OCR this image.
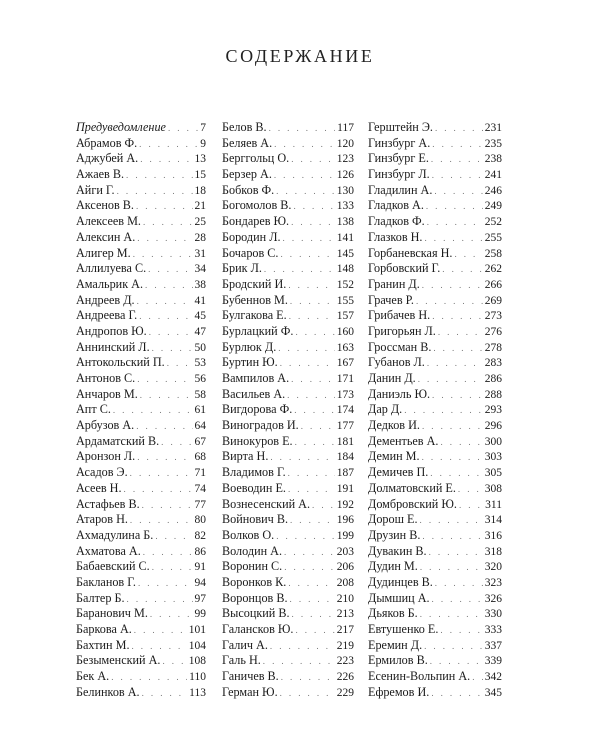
СОДЕРЖАНИЕ
Предуведомление . . .	7
Абрамов Ф. . . .	9
Аджубей А. . . .	13
Ажаев В. . . .	15
Айги Г. . . .	18
Аксенов В. . . .	21
Алексеев М. . . .	25
Алексин А. . . .	28
Алигер М. . . .	31
Аллилуева С. . . .	34
Амальрик А. . . .	38
Андреев Д. . . .	41
Андреева Г. . . .	45
Андропов Ю. . . .	47
Аннинский Л. . . .	50
Антокольский П. . . .	53
Антонов С. . . .	56
Анчаров М. . . .	58
Апт С. . . .	61
Арбузов А. . . .	64
Ардаматский В. . . .	67
Аронзон Л. . . .	68
Асадов Э. . . .	71
Асеев Н. . . .	74
Астафьев В. . . .	77
Атаров Н. . . .	80
Ахмадулина Б. . . .	82
Ахматова А. . . .	86
Бабаевский С. . . .	91
Бакланов Г. . . .	94
Балтер Б. . . .	97
Баранович М. . . .	99
Баркова А. . . .	101
Бахтин М. . . .	104
Безыменский А. . . . 108
Бек А. . . .	110
Белинков А. . . .	113
Белов В. . . .	117
Беляев А. . . .	120
Берггольц О. . . .	123
Берзер А. . . .	126
Бобков Ф. . . .	130
Богомолов В. . . .	133
Бондарев Ю. . . .	138
Бородин Л. . . .	141
Бочаров С. . . .	145
Брик Л. . . .	148
Бродский И. . . .	152
Бубеннов М. . . .	155
Булгакова Е. . . .	157
Бурлацкий Ф. . . .	160
Бурлюк Д. . . .	163
Буртин Ю. . . .	167
Вампилов А. . . .	171
Васильев А. . . .	173
Вигдорова Ф. . . .	174
Виноградов И. . . .	177
Винокуров Е. . . .	181
Вирта Н. . . .	184
Владимов Г. . . .	187
Воеводин Е. . . .	191
Вознесенский А. . . . 192
Войнович В. . . .	196
Волков О. . . .	199
Володин А. . . .	203
Воронин С. . . .	206
Воронков К. . . .	208
Воронцов В. . . .	210
Высоцкий В. . . .	213
Галансков Ю. . . .	217
Галич А. . . .	219
Галь Н. . . .	223
Ганичев В. . . .	226
Герман Ю. . . .	229
Герштейн Э. . . .	231
Гинзбург А. . . .	235
Гинзбург Е. . . .	238
Гинзбург Л. . . .	241
Гладилин А. . . .	246
Гладков А. . . .	249
Гладков Ф. . . .	252
Глазков Н. . . .	255
Горбаневская Н. . . .	258
Горбовский Г. . . .	262
Гранин Д. . . .	266
Грачев Р. . . .	269
Грибачев Н. . . .	273
Григорьян Л. . . .	276
Гроссман В. . . .	278
Губанов Л. . . .	283
Данин Д. . . .	286
Даниэль Ю. . . .	288
Дар Д. . . .	293
Дедков И. . . .	296
Дементьев А. . . .	300
Демин М. . . .	303
Демичев П. . . .	305
Долматовский Е. . . .	308
Домбровский Ю. . . . 311
Дорош Е. . . .	314
Друзин В. . . .	316
Дувакин В. . . .	318
Дудин М. . . .	320
Дудинцев В. . . .	323
Дымшиц А. . . .	326
Дьяков Б. . . .	330
Евтушенко Е. . . .	333
Еремин Д. . . .	337
Ермилов В. . . .	339
Есенин-Вольпин А. . . . 342
Ефремов И. . . .	345
